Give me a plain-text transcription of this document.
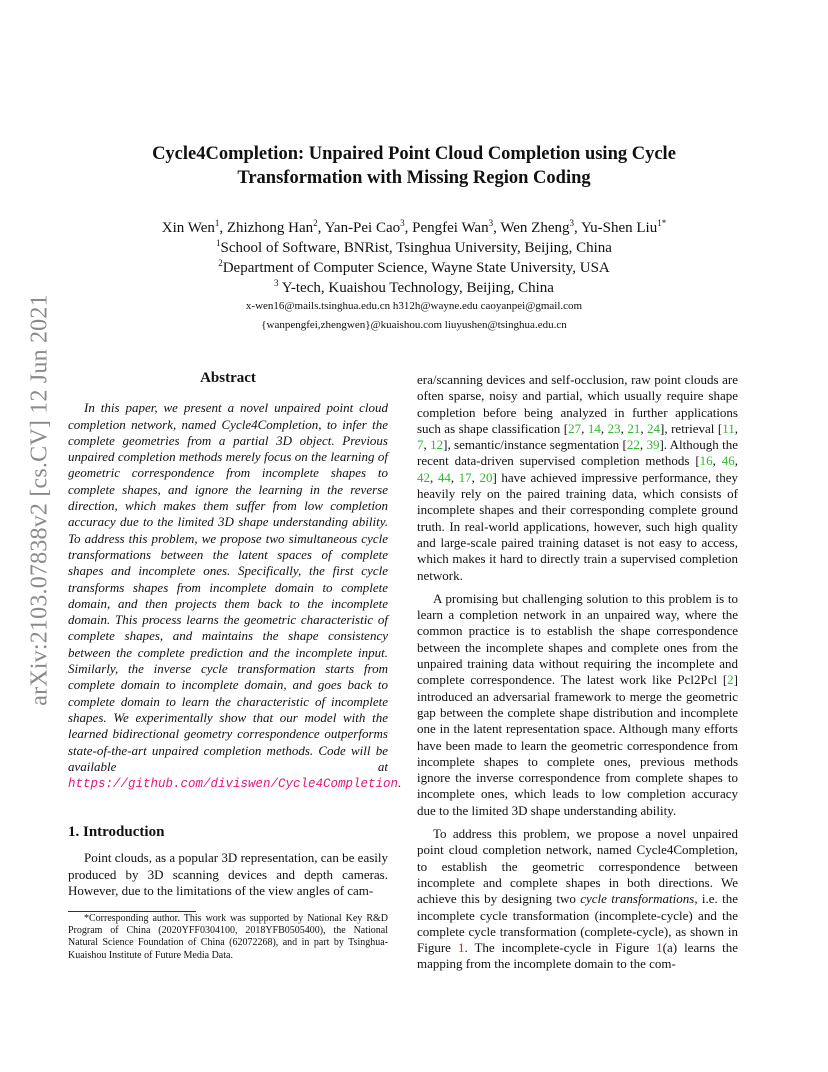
arXiv:2103.07838v2 [cs.CV] 12 Jun 2021
Cycle4Completion: Unpaired Point Cloud Completion using Cycle
Transformation with Missing Region Coding
Xin Wen$^1$, Zhizhong Han$^2$, Yan-Pei Cao$^3$, Pengfei Wan$^3$, Wen Zheng$^3$, Yu-Shen Liu$^{1*}$
$^1$School of Software, BNRist, Tsinghua University, Beijing, China
$^2$Department of Computer Science, Wayne State University, USA
$^3$ Y-tech, Kuaishou Technology, Beijing, China
x-wen16@mails.tsinghua.edu.cn h312h@wayne.edu caoyanpei@gmail.com
{wanpengfei,zhengwen}@kuaishou.com liuyushen@tsinghua.edu.cn
Abstract
In this paper, we present a novel unpaired point cloud completion network, named Cycle4Completion, to infer the complete geometries from a partial 3D object. Previous unpaired completion methods merely focus on the learning of geometric correspondence from incomplete shapes to complete shapes, and ignore the learning in the reverse direction, which makes them suffer from low completion accuracy due to the limited 3D shape understanding ability. To address this problem, we propose two simultaneous cycle transformations between the latent spaces of complete shapes and incomplete ones. Specifically, the first cycle transforms shapes from incomplete domain to complete domain, and then projects them back to the incomplete domain. This process learns the geometric characteristic of complete shapes, and maintains the shape consistency between the complete prediction and the incomplete input. Similarly, the inverse cycle transformation starts from complete domain to incomplete domain, and goes back to complete domain to learn the characteristic of incomplete shapes. We experimentally show that our model with the learned bidirectional geometry correspondence outperforms state-of-the-art unpaired completion methods. Code will be available at https://github.com/diviswen/Cycle4Completion.
1. Introduction
Point clouds, as a popular 3D representation, can be easily produced by 3D scanning devices and depth cameras. However, due to the limitations of the view angles of cam-
*Corresponding author. This work was supported by National Key R&D Program of China (2020YFF0304100, 2018YFB0505400), the National Natural Science Foundation of China (62072268), and in part by Tsinghua-Kuaishou Institute of Future Media Data.
era/scanning devices and self-occlusion, raw point clouds are often sparse, noisy and partial, which usually require shape completion before being analyzed in further applications such as shape classification [27, 14, 23, 21, 24], retrieval [11, 7, 12], semantic/instance segmentation [22, 39]. Although the recent data-driven supervised completion methods [16, 46, 42, 44, 17, 20] have achieved impressive performance, they heavily rely on the paired training data, which consists of incomplete shapes and their corresponding complete ground truth. In real-world applications, however, such high quality and large-scale paired training dataset is not easy to access, which makes it hard to directly train a supervised completion network.
A promising but challenging solution to this problem is to learn a completion network in an unpaired way, where the common practice is to establish the shape correspondence between the incomplete shapes and complete ones from the unpaired training data without requiring the incomplete and complete correspondence. The latest work like Pcl2Pcl [2] introduced an adversarial framework to merge the geometric gap between the complete shape distribution and incomplete one in the latent representation space. Although many efforts have been made to learn the geometric correspondence from incomplete shapes to complete ones, previous methods ignore the inverse correspondence from complete shapes to incomplete ones, which leads to low completion accuracy due to the limited 3D shape understanding ability.
To address this problem, we propose a novel unpaired point cloud completion network, named Cycle4Completion, to establish the geometric correspondence between incomplete and complete shapes in both directions. We achieve this by designing two cycle transformations, i.e. the incomplete cycle transformation (incomplete-cycle) and the complete cycle transformation (complete-cycle), as shown in Figure 1. The incomplete-cycle in Figure 1(a) learns the mapping from the incomplete domain to the com-
